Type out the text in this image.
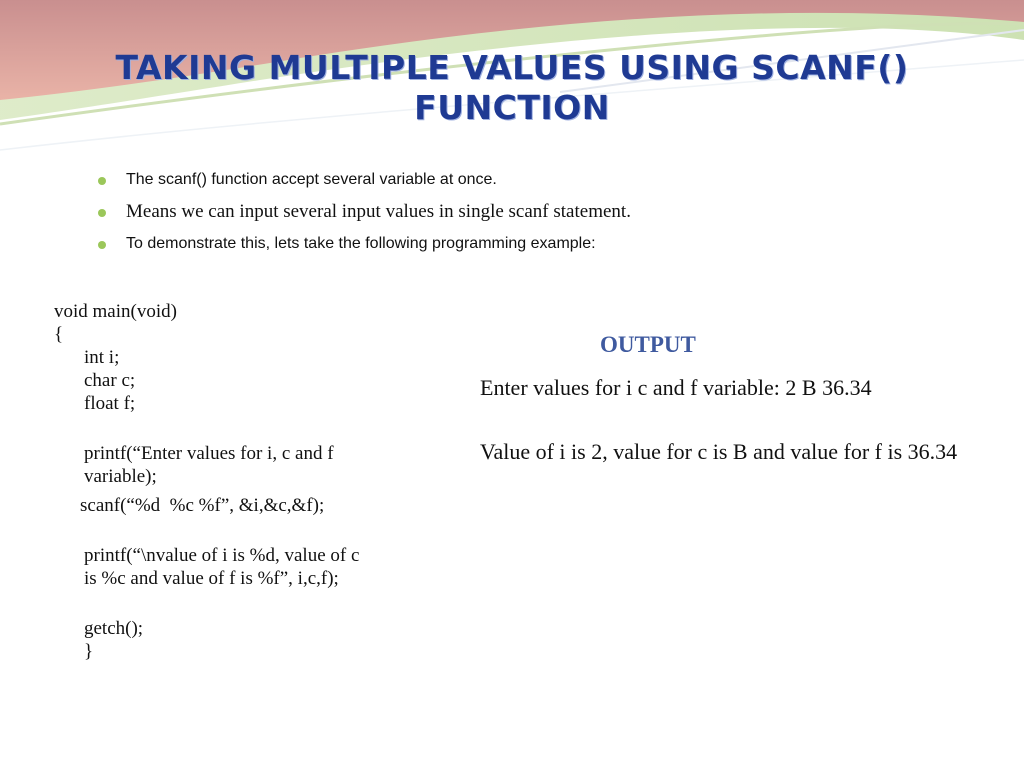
TAKING MULTIPLE VALUES USING SCANF()
FUNCTION
The scanf() function accept several variable at once.
Means we can input several input values in single scanf statement.
To demonstrate this, lets take the following programming example:
void main(void)
{
int i;
char c;
float f;
printf(“Enter values for i, c and f
variable);
scanf(“%d  %c %f”, &i,&c,&f);
printf(“\nvalue of i is %d, value of c
is %c and value of f is %f”, i,c,f);
getch();
}
OUTPUT
Enter values for i c and f variable: 2 B 36.34
Value of i is 2, value for c is B and value for f is 36.34
